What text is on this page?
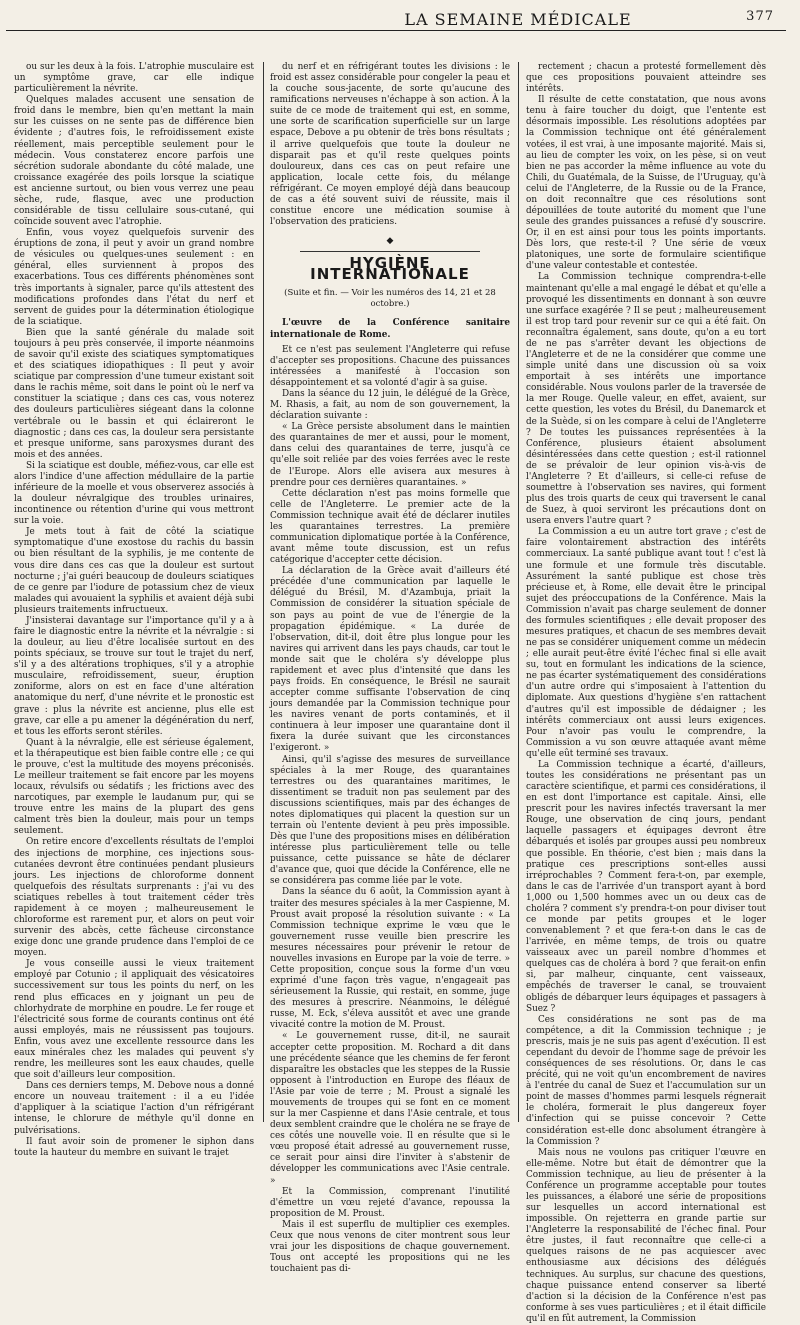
LA SEMAINE MÉDICALE	377

ou sur les deux à la fois. L'atrophie musculaire est un symptôme grave, car elle indique particulièrement la névrite.

Quelques malades accusent une sensation de froid dans le membre, bien qu'en mettant la main sur les cuisses on ne sente pas de différence bien évidente ; d'autres fois, le refroidissement existe réellement, mais perceptible seulement pour le médecin. Vous constaterez encore parfois une sécrétion sudorale abondante du côté malade, une croissance exagérée des poils lorsque la sciatique est ancienne surtout, ou bien vous verrez une peau sèche, rude, flasque, avec une production considérable de tissu cellulaire sous-cutané, qui coïncide souvent avec l'atrophie.

Enfin, vous voyez quelquefois survenir des éruptions de zona, il peut y avoir un grand nombre de vésicules ou quelques-unes seulement : en général, elles surviennent à propos des exacerbations. Tous ces différents phénomènes sont très importants à signaler, parce qu'ils attestent des modifications profondes dans l'état du nerf et servent de guides pour la détermination étiologique de la sciatique.

Bien que la santé générale du malade soit toujours à peu près conservée, il importe néanmoins de savoir qu'il existe des sciatiques symptomatiques et des sciatiques idiopathiques : Il peut y avoir sciatique par compression d'une tumeur existant soit dans le rachis même, soit dans le point où le nerf va constituer la sciatique ; dans ces cas, vous noterez des douleurs particulières siégeant dans la colonne vertébrale ou le bassin et qui éclaireront le diagnostic ; dans ces cas, la douleur sera persistante et presque uniforme, sans paroxysmes durant des mois et des années.

Si la sciatique est double, méfiez-vous, car elle est alors l'indice d'une affection médullaire de la partie inférieure de la moelle et vous observerez associés à la douleur névralgique des troubles urinaires, incontinence ou rétention d'urine qui vous mettront sur la voie.

Je mets tout à fait de côté la sciatique symptomatique d'une exostose du rachis du bassin ou bien résultant de la syphilis, je me contente de vous dire dans ces cas que la douleur est surtout nocturne ; j'ai guéri beaucoup de douleurs sciatiques de ce genre par l'iodure de potassium chez de vieux malades qui avouaient la syphilis et avaient déjà subi plusieurs traitements infructueux.

J'insisterai davantage sur l'importance qu'il y a à faire le diagnostic entre la névrite et la névralgie : si la douleur, au lieu d'être localisée surtout en des points spéciaux, se trouve sur tout le trajet du nerf, s'il y a des altérations trophiques, s'il y a atrophie musculaire, refroidissement, sueur, éruption zoniforme, alors on est en face d'une altération anatomique du nerf, d'une névrite et le pronostic est grave : plus la névrite est ancienne, plus elle est grave, car elle a pu amener la dégénération du nerf, et tous les efforts seront stériles.

Quant à la névralgie, elle est sérieuse également, et la thérapeutique est bien faible contre elle ; ce qui le prouve, c'est la multitude des moyens préconisés. Le meilleur traitement se fait encore par les moyens locaux, révulsifs ou sédatifs ; les frictions avec des narcotiques, par exemple le laudanum pur, qui se trouve entre les mains de la plupart des gens calment très bien la douleur, mais pour un temps seulement.

On retire encore d'excellents résultats de l'emploi des injections de morphine, ces injections sous-cutanées devront être continuées pendant plusieurs jours. Les injections de chloroforme donnent quelquefois des résultats surprenants : j'ai vu des sciatiques rebelles à tout traitement céder très rapidement à ce moyen ; malheureusement le chloroforme est rarement pur, et alors on peut voir survenir des abcès, cette fâcheuse circonstance exige donc une grande prudence dans l'emploi de ce moyen.

Je vous conseille aussi le vieux traitement employé par Cotunio ; il appliquait des vésicatoires successivement sur tous les points du nerf, on les rend plus efficaces en y joignant un peu de chlorhydrate de morphine en poudre. Le fer rouge et l'électricité sous forme de courants continus ont été aussi employés, mais ne réussissent pas toujours. Enfin, vous avez une excellente ressource dans les eaux minérales chez les malades qui peuvent s'y rendre, les meilleures sont les eaux chaudes, quelle que soit d'ailleurs leur composition.

Dans ces derniers temps, M. Debove nous a donné encore un nouveau traitement : il a eu l'idée d'appliquer à la sciatique l'action d'un réfrigérant intense, le chlorure de méthyle qu'il donne en pulvérisations.

Il faut avoir soin de promener le siphon dans toute la hauteur du membre en suivant le trajet

du nerf et en réfrigérant toutes les divisions : le froid est assez considérable pour congeler la peau et la couche sous-jacente, de sorte qu'aucune des ramifications nerveuses n'échappe à son action. À la suite de ce mode de traitement qui est, en somme, une sorte de scarification superficielle sur un large espace, Debove a pu obtenir de très bons résultats ; il arrive quelquefois que toute la douleur ne disparait pas et qu'il reste quelques points douloureux, dans ces cas on peut refaire une application, locale cette fois, du mélange réfrigérant. Ce moyen employé déjà dans beaucoup de cas a été souvent suivi de réussite, mais il constitue encore une médication soumise à l'observation des praticiens.

◆
HYGIÈNE INTERNATIONALE
(Suite et fin. — Voir les numéros des 14, 21 et 28 octobre.)

L'œuvre de la Conférence sanitaire internationale de Rome.

Et ce n'est pas seulement l'Angleterre qui refuse d'accepter ses propositions. Chacune des puissances intéressées a manifesté à l'occasion son désappointement et sa volonté d'agir à sa guise.

Dans la séance du 12 juin, le délégué de la Grèce, M. Rhasis, a fait, au nom de son gouvernement, la déclaration suivante :

« La Grèce persiste absolument dans le maintien des quarantaines de mer et aussi, pour le moment, dans celui des quarantaines de terre, jusqu'à ce qu'elle soit reliée par des voies ferrées avec le reste de l'Europe. Alors elle avisera aux mesures à prendre pour ces dernières quarantaines. »

Cette déclaration n'est pas moins formelle que celle de l'Angleterre. Le premier acte de la Commission technique avait été de déclarer inutiles les quarantaines terrestres. La première communication diplomatique portée à la Conférence, avant même toute discussion, est un refus catégorique d'accepter cette décision.

La déclaration de la Grèce avait d'ailleurs été précédée d'une communication par laquelle le délégué du Brésil, M. d'Azambuja, priait la Commission de considérer la situation spéciale de son pays au point de vue de l'énergie de la propagation épidémique. « La durée de l'observation, dit-il, doit être plus longue pour les navires qui arrivent dans les pays chauds, car tout le monde sait que le choléra s'y développe plus rapidement et avec plus d'intensité que dans les pays froids. En conséquence, le Brésil ne saurait accepter comme suffisante l'observation de cinq jours demandée par la Commission technique pour les navires venant de ports contaminés, et il continuera à leur imposer une quarantaine dont il fixera la durée suivant que les circonstances l'exigeront. »

Ainsi, qu'il s'agisse des mesures de surveillance spéciales à la mer Rouge, des quarantaines terrestres ou des quarantaines maritimes, le dissentiment se traduit non pas seulement par des discussions scientifiques, mais par des échanges de notes diplomatiques qui placent la question sur un terrain où l'entente devient à peu près impossible. Dès que l'une des propositions mises en délibération intéresse plus particulièrement telle ou telle puissance, cette puissance se hâte de déclarer d'avance que, quoi que décide la Conférence, elle ne se considérera pas comme liée par le vote.

Dans la séance du 6 août, la Commission ayant à traiter des mesures spéciales à la mer Caspienne, M. Proust avait proposé la résolution suivante : « La Commission technique exprime le vœu que le gouvernement russe veuille bien prescrire les mesures nécessaires pour prévenir le retour de nouvelles invasions en Europe par la voie de terre. » Cette proposition, conçue sous la forme d'un vœu exprimé d'une façon très vague, n'engageait pas sérieusement la Russie, qui restait, en somme, juge des mesures à prescrire. Néanmoins, le délégué russe, M. Eck, s'éleva aussitôt et avec une grande vivacité contre la motion de M. Proust.

« Le gouvernement russe, dit-il, ne saurait accepter cette proposition. M. Rochard a dit dans une précédente séance que les chemins de fer feront disparaître les obstacles que les steppes de la Russie opposent à l'introduction en Europe des fléaux de l'Asie par voie de terre ; M. Proust a signalé les mouvements de troupes qui se font en ce moment sur la mer Caspienne et dans l'Asie centrale, et tous deux semblent craindre que le choléra ne se fraye de ces côtés une nouvelle voie. Il en résulte que si le vœu proposé était adressé au gouvernement russe, ce serait pour ainsi dire l'inviter à s'abstenir de développer les communications avec l'Asie centrale. »

Et la Commission, comprenant l'inutilité d'émettre un vœu rejeté d'avance, repoussa la proposition de M. Proust.

Mais il est superflu de multiplier ces exemples. Ceux que nous venons de citer montrent sous leur vrai jour les dispositions de chaque gouvernement. Tous ont accepté les propositions qui ne les touchaient pas di-

rectement ; chacun a protesté formellement dès que ces propositions pouvaient atteindre ses intérêts.

Il résulte de cette constatation, que nous avons tenu à faire toucher du doigt, que l'entente est désormais impossible. Les résolutions adoptées par la Commission technique ont été généralement votées, il est vrai, à une imposante majorité. Mais si, au lieu de compter les voix, on les pèse, si on veut bien ne pas accorder la même influence au vote du Chili, du Guatémala, de la Suisse, de l'Uruguay, qu'à celui de l'Angleterre, de la Russie ou de la France, on doit reconnaître que ces résolutions sont dépouillées de toute autorité du moment que l'une seule des grandes puissances a refusé d'y souscrire. Or, il en est ainsi pour tous les points importants. Dès lors, que reste-t-il ? Une série de vœux platoniques, une sorte de formulaire scientifique d'une valeur contestable et contestée.

La Commission technique comprendra-t-elle maintenant qu'elle a mal engagé le débat et qu'elle a provoqué les dissentiments en donnant à son œuvre une surface exagérée ? Il se peut ; malheureusement il est trop tard pour revenir sur ce qui a été fait. On reconnaîtra également, sans doute, qu'on a eu tort de ne pas s'arrêter devant les objections de l'Angleterre et de ne la considérer que comme une simple unité dans une discussion où sa voix emportait à ses intérêts une importance considérable. Nous voulons parler de la traversée de la mer Rouge. Quelle valeur, en effet, avaient, sur cette question, les votes du Brésil, du Danemarck et de la Suède, si on les compare à celui de l'Angleterre ? De toutes les puissances représentées à la Conférence, plusieurs étaient absolument désintéressées dans cette question ; est-il rationnel de se prévaloir de leur opinion vis-à-vis de l'Angleterre ? Et d'ailleurs, si celle-ci refuse de soumettre à l'observation ses navires, qui forment plus des trois quarts de ceux qui traversent le canal de Suez, à quoi serviront les précautions dont on usera envers l'autre quart ?

La Commission a eu un autre tort grave ; c'est de faire volontairement abstraction des intérêts commerciaux. La santé publique avant tout ! c'est là une formule et une formule très discutable. Assurément la santé publique est chose très précieuse et, à Rome, elle devait être le principal sujet des préoccupations de la Conférence. Mais la Commission n'avait pas charge seulement de donner des formules scientifiques ; elle devait proposer des mesures pratiques, et chacun de ses membres devait ne pas se considérer uniquement comme un médecin ; elle aurait peut-être évité l'échec final si elle avait su, tout en formulant les indications de la science, ne pas écarter systématiquement des considérations d'un autre ordre qui s'imposaient à l'attention du diplomate. Aux questions d'hygiène s'en rattachent d'autres qu'il est impossible de dédaigner ; les intérêts commerciaux ont aussi leurs exigences. Pour n'avoir pas voulu le comprendre, la Commission a vu son œuvre attaquée avant même qu'elle eût terminé ses travaux.

La Commission technique a écarté, d'ailleurs, toutes les considérations ne présentant pas un caractère scientifique, et parmi ces considérations, il en est dont l'importance est capitale. Ainsi, elle prescrit pour les navires infectés traversant la mer Rouge, une observation de cinq jours, pendant laquelle passagers et équipages devront être débarqués et isolés par groupes aussi peu nombreux que possible. En théorie, c'est bien ; mais dans la pratique ces prescriptions sont-elles aussi irréprochables ? Comment fera-t-on, par exemple, dans le cas de l'arrivée d'un transport ayant à bord 1,000 ou 1,500 hommes avec un ou deux cas de choléra ? comment s'y prendra-t-on pour diviser tout ce monde par petits groupes et le loger convenablement ? et que fera-t-on dans le cas de l'arrivée, en même temps, de trois ou quatre vaisseaux avec un pareil nombre d'hommes et quelques cas de choléra à bord ? que ferait-on enfin si, par malheur, cinquante, cent vaisseaux, empêchés de traverser le canal, se trouvaient obligés de débarquer leurs équipages et passagers à Suez ?

Ces considérations ne sont pas de ma compétence, a dit la Commission technique ; je prescris, mais je ne suis pas agent d'exécution. Il est cependant du devoir de l'homme sage de prévoir les conséquences de ses résolutions. Or, dans le cas précité, qui ne voit qu'un encombrement de navires à l'entrée du canal de Suez et l'accumulation sur un point de masses d'hommes parmi lesquels régnerait le choléra, formerait le plus dangereux foyer d'infection qui se puisse concevoir ? Cette considération est-elle donc absolument étrangère à la Commission ?

Mais nous ne voulons pas critiquer l'œuvre en elle-même. Notre but était de démontrer que la Commission technique, au lieu de présenter à la Conférence un programme acceptable pour toutes les puissances, a élaboré une série de propositions sur lesquelles un accord international est impossible. On rejetterra en grande partie sur l'Angleterre la responsabilité de l'échec final. Pour être justes, il faut reconnaître que celle-ci a quelques raisons de ne pas acquiescer avec enthousiasme aux décisions des délégués techniques. Au surplus, sur chacune des questions, chaque puissance entend conserver sa liberté d'action si la décision de la Conférence n'est pas conforme à ses vues particulières ; et il était difficile qu'il en fût autrement, la Commission
